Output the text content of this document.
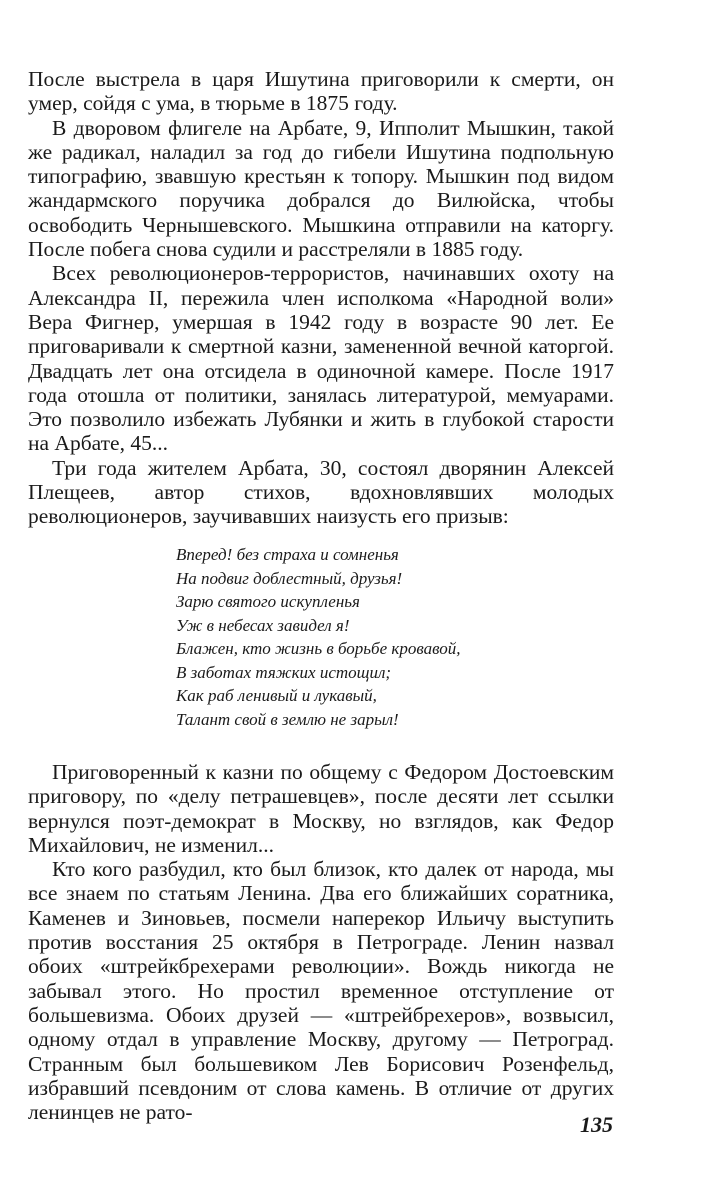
После выстрела в царя Ишутина приговорили к смерти, он умер, сойдя с ума, в тюрьме в 1875 году.

В дворовом флигеле на Арбате, 9, Ипполит Мышкин, такой же радикал, наладил за год до гибели Ишутина подпольную типографию, звавшую крестьян к топору. Мышкин под видом жандармского поручика добрался до Вилюйска, чтобы освободить Чернышевского. Мышкина отправили на каторгу. После побега снова судили и расстреляли в 1885 году.

Всех революционеров-террористов, начинавших охоту на Александра II, пережила член исполкома «Народной воли» Вера Фигнер, умершая в 1942 году в возрасте 90 лет. Ее приговаривали к смертной казни, замененной вечной каторгой. Двадцать лет она отсидела в одиночной камере. После 1917 года отошла от политики, занялась литературой, мемуарами. Это позволило избежать Лубянки и жить в глубокой старости на Арбате, 45...

Три года жителем Арбата, 30, состоял дворянин Алексей Плещеев, автор стихов, вдохновлявших молодых революционеров, заучивавших наизусть его призыв:

Вперед! без страха и сомненья
На подвиг доблестный, друзья!
Зарю святого искупленья
Уж в небесах завидел я!
Блажен, кто жизнь в борьбе кровавой,
В заботах тяжких истощил;
Как раб ленивый и лукавый,
Талант свой в землю не зарыл!

Приговоренный к казни по общему с Федором Достоевским приговору, по «делу петрашевцев», после десяти лет ссылки вернулся поэт-демократ в Москву, но взглядов, как Федор Михайлович, не изменил...

Кто кого разбудил, кто был близок, кто далек от народа, мы все знаем по статьям Ленина. Два его ближайших соратника, Каменев и Зиновьев, посмели наперекор Ильичу выступить против восстания 25 октября в Петрограде. Ленин назвал обоих «штрейкбрехерами революции». Вождь никогда не забывал этого. Но простил временное отступление от большевизма. Обоих друзей — «штрейбрехеров», возвысил, одному отдал в управление Москву, другому — Петроград. Странным был большевиком Лев Борисович Розенфельд, избравший псевдоним от слова камень. В отличие от других ленинцев не рато-	135
